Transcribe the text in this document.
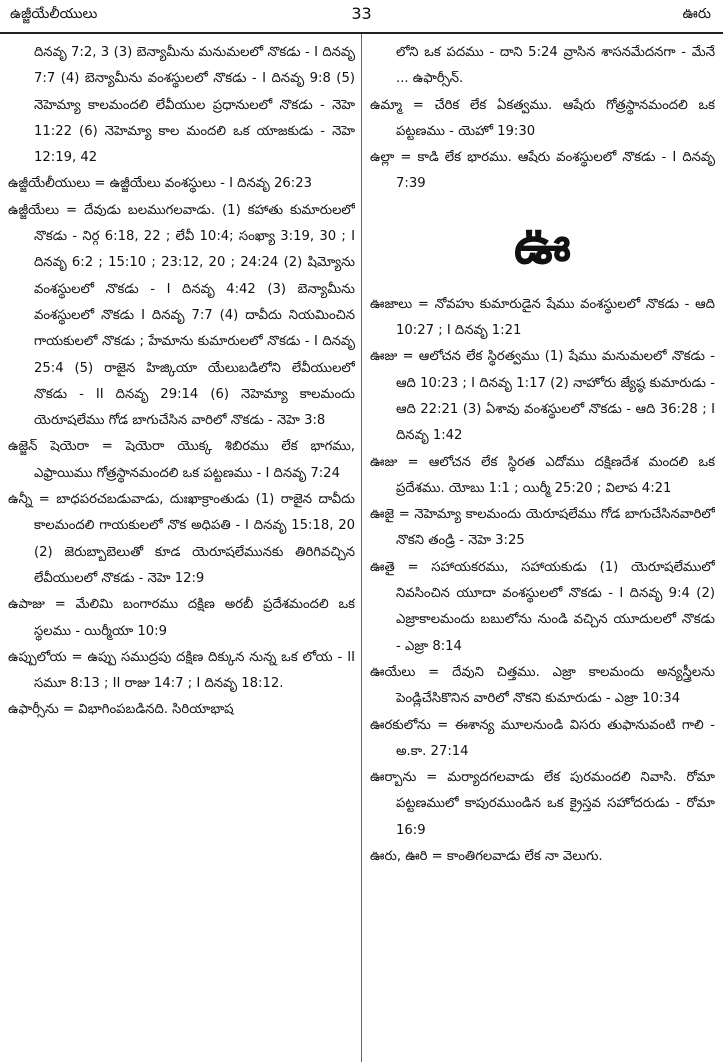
ఉజ్జీయేలీయులు	33	ఊరు
దినవృ 7:2, 3 (3) బెన్యామీను మనుమలలో నొకడు - I దినవృ 7:7 (4) బెన్యామీను వంశస్థులలో నొకడు - I దినవృ 9:8 (5) నెహెమ్యా కాలమందలి లేవీయుల ప్రధానులలో నొకడు - నెహె 11:22 (6) నెహెమ్యా కాల మందలి ఒక యాజకుడు - నెహె 12:19, 42
ఉజ్జీయేలీయులు = ఉజ్జీయేలు వంశస్థులు - I దినవృ 26:23
ఉజ్జీయేలు = దేవుడు బలముగలవాడు. (1) కహాతు కుమారులలో నొకడు - నిర్గ 6:18, 22 ; లేవీ 10:4; సంఖ్యా 3:19, 30 ; I దినవృ 6:2 ; 15:10 ; 23:12, 20 ; 24:24 (2) షిమ్యోను వంశస్థులలో నొకడు - I దినవృ 4:42 (3) బెన్యామీను వంశస్థులలో నొకడు I దినవృ 7:7 (4) దావీదు నియమించిన గాయకులలో నొకడు ; హేమాను కుమారులలో నొకడు - I దినవృ 25:4 (5) రాజైన హిజ్కియా యేలుబడిలోని లేవీయులలో నొకడు - II దినవృ 29:14 (6) నెహెమ్యా కాలమందు యెరూషలేము గోడ బాగుచేసిన వారిలో నొకడు - నెహె 3:8
ఉజ్జెన్ షెయెరా = షెయెరా యొక్క శిబిరము లేక భాగము, ఎఫ్రాయిము గోత్రస్థానమందలి ఒక పట్టణము - I దినవృ 7:24
ఉన్నీ = బాధపరచబడువాడు, దుఃఖాక్రాంతుడు (1) రాజైన దావీదు కాలమందలి గాయకులలో నొక అధిపతి - I దినవృ 15:18, 20 (2) జెరుబ్బాబెలుతో కూడ యెరూషలేమునకు తిరిగివచ్చిన లేవీయులలో నొకడు - నెహె 12:9
ఉపాజు = మేలిమి బంగారము దక్షిణ అరబీ ప్రదేశమందలి ఒక స్థలము - యిర్మీయా 10:9
ఉప్పులోయ = ఉప్పు సముద్రపు దక్షిణ దిక్కున నున్న ఒక లోయ - II సమూ 8:13 ; II రాజు 14:7 ; I దినవృ 18:12.
ఉఫార్సీను = విభాగింపబడినది. సిరియాభాష
లోని ఒక పదము - దాని 5:24 వ్రాసిన శాసనమేదనగా - మేనే ... ఉఫార్సీన్.
ఉమ్మా = చేరిక లేక ఏకత్వము. ఆషేరు గోత్రస్థానమందలి ఒక పట్టణము - యెహో 19:30
ఉల్లా = కాడి లేక భారము. ఆషేరు వంశస్థులలో నొకడు - I దినవృ 7:39
ఊ
ఊజాలు = నోవహు కుమారుడైన షేము వంశస్థులలో నొకడు - ఆది 10:27 ; I దినవృ 1:21
ఊజు = ఆలోచన లేక స్థిరత్వము (1) షేము మనుమలలో నొకడు - ఆది 10:23 ; I దినవృ 1:17 (2) నాహోరు జ్యేష్ఠ కుమారుడు - ఆది 22:21 (3) ఏశావు వంశస్థులలో నొకడు - ఆది 36:28 ; I దినవృ 1:42
ఊజు = ఆలోచన లేక స్థిరత ఎదోము దక్షిణదేశ మందలి ఒక ప్రదేశము. యోబు 1:1 ; యిర్మీ 25:20 ; విలాప 4:21
ఊజై = నెహెమ్యా కాలమందు యెరూషలేము గోడ బాగుచేసినవారిలో నొకని తండ్రి - నెహె 3:25
ఊతై = సహాయకరము, సహాయకుడు (1) యెరూషలేములో నివసించిన యూదా వంశస్థులలో నొకడు - I దినవృ 9:4 (2) ఎజ్రాకాలమందు బబులోను నుండి వచ్చిన యూదులలో నొకడు - ఎజ్రా 8:14
ఊయేలు = దేవుని చిత్తము. ఎజ్రా కాలమందు అన్యస్త్రీలను పెండ్లిచేసికొనిన వారిలో నొకని కుమారుడు - ఎజ్రా 10:34
ఊరకులోను = ఈశాన్య మూలనుండి విసరు తుఫానువంటి గాలి - అ.కా. 27:14
ఊర్బాను = మర్యాదగలవాడు లేక పురమందలి నివాసి. రోమా పట్టణములో కాపురముండిన ఒక క్రైస్తవ సహోదరుడు - రోమా 16:9
ఊరు, ఊరి = కాంతిగలవాడు లేక నా వెలుగు.
